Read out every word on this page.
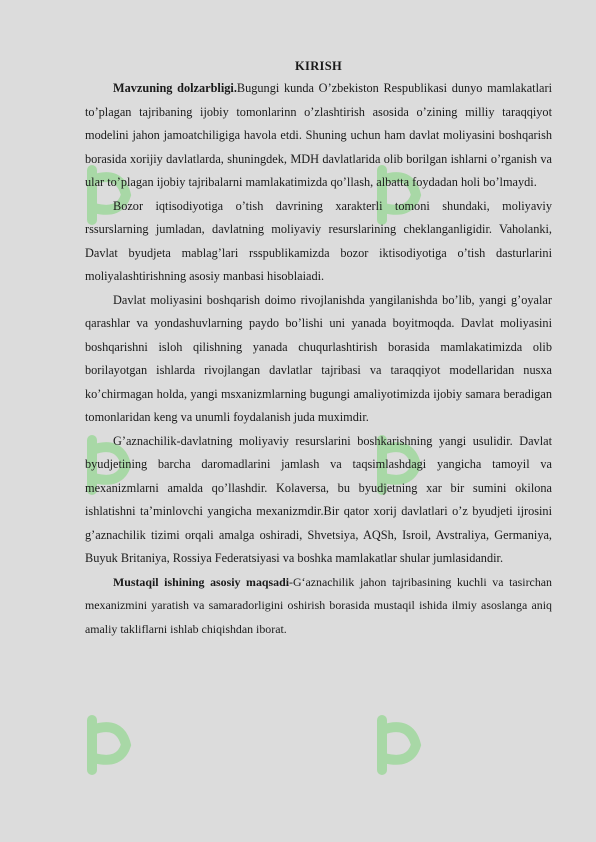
KIRISH

Mavzuning dolzarbligi.Bugungi kunda O’zbekiston Respublikasi dunyo mamlakatlari to’plagan tajribaning ijobiy tomonlarinn o’zlashtirish asosida o’zining milliy taraqqiyot modelini jahon jamoatchiligiga havola etdi. Shuning uchun ham davlat moliyasini boshqarish borasida xorijiy davlatlarda, shuningdek, MDH davlatlarida olib borilgan ishlarni o’rganish va ular to’plagan ijobiy tajribalarni mamlakatimizda qo’llash, albatta foydadan holi bo’lmaydi.

Bozor iqtisodiyotiga o’tish davrining xarakterli tomoni shundaki, moliyaviy rssurslarning jumladan, davlatning moliyaviy resurslarining cheklanganligidir. Vaholanki, Davlat byudjeta mablag’lari rsspublikamizda bozor iktisodiyotiga o’tish dasturlarini moliyalashtirishning asosiy manbasi hisoblaiadi.

Davlat moliyasini boshqarish doimo rivojlanishda yangilanishda bo’lib, yangi g’oyalar qarashlar va yondashuvlarning paydo bo’lishi uni yanada boyitmoqda. Davlat moliyasini boshqarishni isloh qilishning yanada chuqurlashtirish borasida mamlakatimizda olib borilayotgan ishlarda rivojlangan davlatlar tajribasi va taraqqiyot modellaridan nusxa ko’chirmagan holda, yangi msxanizmlarning bugungi amaliyotimizda ijobiy samara beradigan tomonlaridan keng va unumli foydalanish juda muximdir.

G’aznachilik-davlatning moliyaviy resurslarini boshkarishning yangi usulidir. Davlat byudjetining barcha daromadlarini jamlash va taqsimlashdagi yangicha tamoyil va mexanizmlarni amalda qo’llashdir. Kolaversa, bu byudjetning xar bir sumini okilona ishlatishni ta’minlovchi yangicha mexanizmdir.Bir qator xorij davlatlari o’z byudjeti ijrosini g’aznachilik tizimi orqali amalga oshiradi, Shvetsiya, AQSh, Isroil, Avstraliya, Germaniya, Buyuk Britaniya, Rossiya Federatsiyasi va boshka mamlakatlar shular jumlasidandir.

Mustaqil ishining asosiy maqsadi-G‘aznachilik jahon tajribasining kuchli va tasirchan mexanizmini yaratish va samaradorligini oshirish borasida mustaqil ishida ilmiy asoslanga aniq amaliy takliflarni ishlab chiqishdan iborat.
